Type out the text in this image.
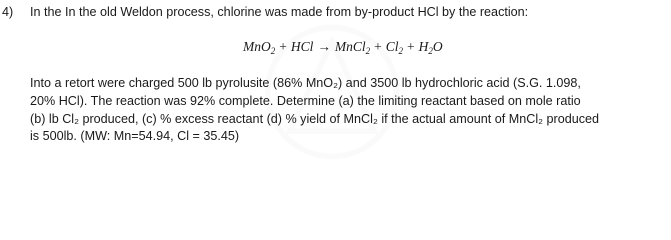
4) In the In the old Weldon process, chlorine was made from by-product HCl by the reaction:
MnO$_2$ + HCl → MnCl$_2$ + $Cl_2 + H_2O$
Into a retort were charged 500 lb pyrolusite (86% MnO₂) and 3500 lb hydrochloric acid (S.G. 1.098,
20% HCl). The reaction was 92% complete. Determine (a) the limiting reactant based on mole ratio
(b) lb Cl₂ produced, (c) % excess reactant (d) % yield of MnCl₂ if the actual amount of MnCl₂ produced
is 500lb. (MW: Mn=54.94, Cl = 35.45)
